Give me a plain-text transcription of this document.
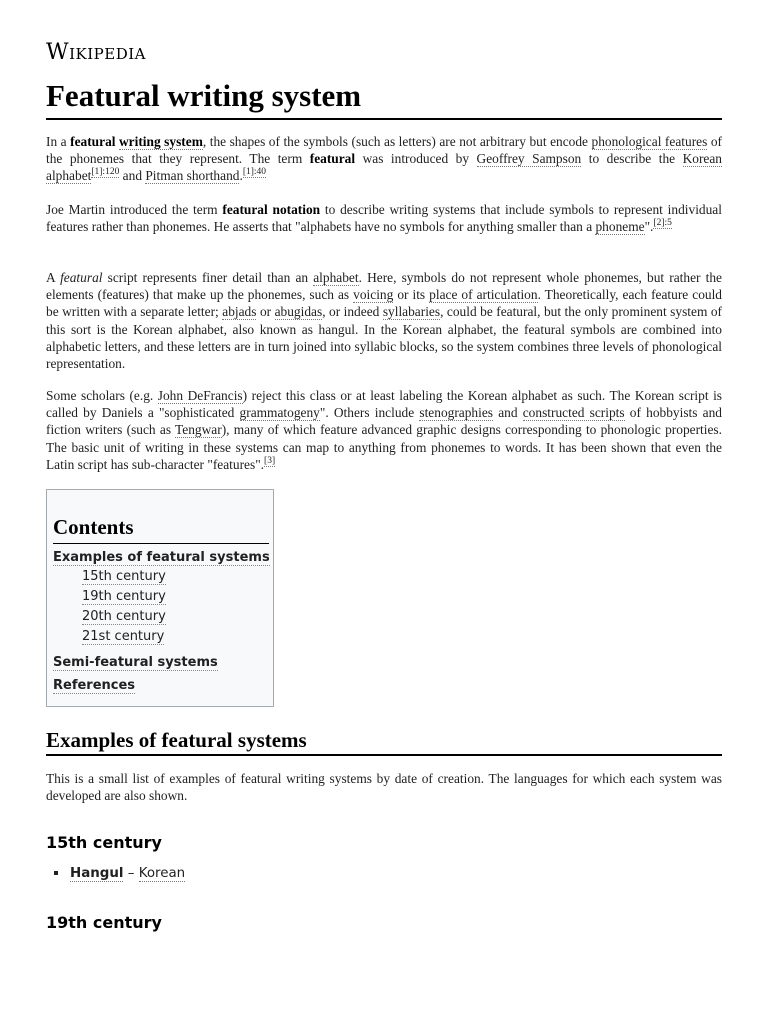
Wikipedia
Featural writing system

In a featural writing system, the shapes of the symbols (such as letters) are not arbitrary but encode phonological features of the phonemes that they represent. The term featural was introduced by Geoffrey Sampson to describe the Korean alphabet$^{[1]:120}$ and Pitman shorthand.$^{[1]:40}$

Joe Martin introduced the term featural notation to describe writing systems that include symbols to represent individual features rather than phonemes. He asserts that "alphabets have no symbols for anything smaller than a phoneme".$^{[2]:5}$

A featural script represents finer detail than an alphabet. Here, symbols do not represent whole phonemes, but rather the elements (features) that make up the phonemes, such as voicing or its place of articulation. Theoretically, each feature could be written with a separate letter; abjads or abugidas, or indeed syllabaries, could be featural, but the only prominent system of this sort is the Korean alphabet, also known as hangul. In the Korean alphabet, the featural symbols are combined into alphabetic letters, and these letters are in turn joined into syllabic blocks, so the system combines three levels of phonological representation.

Some scholars (e.g. John DeFrancis) reject this class or at least labeling the Korean alphabet as such. The Korean script is called by Daniels a "sophisticated grammatogeny". Others include stenographies and constructed scripts of hobbyists and fiction writers (such as Tengwar), many of which feature advanced graphic designs corresponding to phonologic properties. The basic unit of writing in these systems can map to anything from phonemes to words. It has been shown that even the Latin script has sub-character "features".[3]

Contents
Examples of featural systems
15th century
19th century
20th century
21st century
Semi-featural systems
References
Examples of featural systems

This is a small list of examples of featural writing systems by date of creation. The languages for which each system was developed are also shown.

15th century
Hangul – Korean
19th century
